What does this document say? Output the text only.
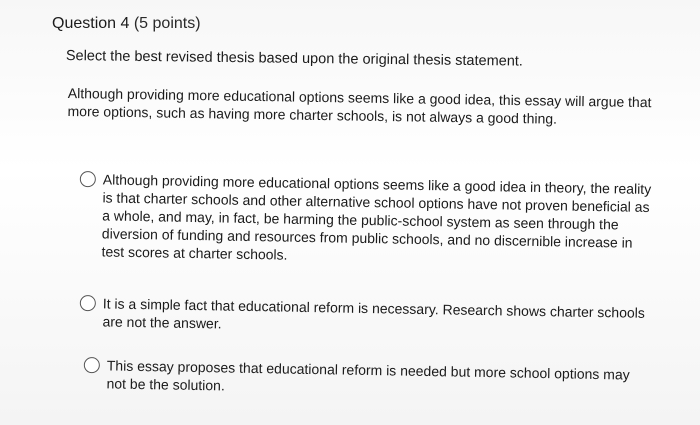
Question 4 (5 points)
Select the best revised thesis based upon the original thesis statement.
Although providing more educational options seems like a good idea, this essay will argue that more options, such as having more charter schools, is not always a good thing.
Although providing more educational options seems like a good idea in theory, the reality is that charter schools and other alternative school options have not proven beneficial as a whole, and may, in fact, be harming the public-school system as seen through the diversion of funding and resources from public schools, and no discernible increase in test scores at charter schools.
It is a simple fact that educational reform is necessary. Research shows charter schools are not the answer.
This essay proposes that educational reform is needed but more school options may not be the solution.
